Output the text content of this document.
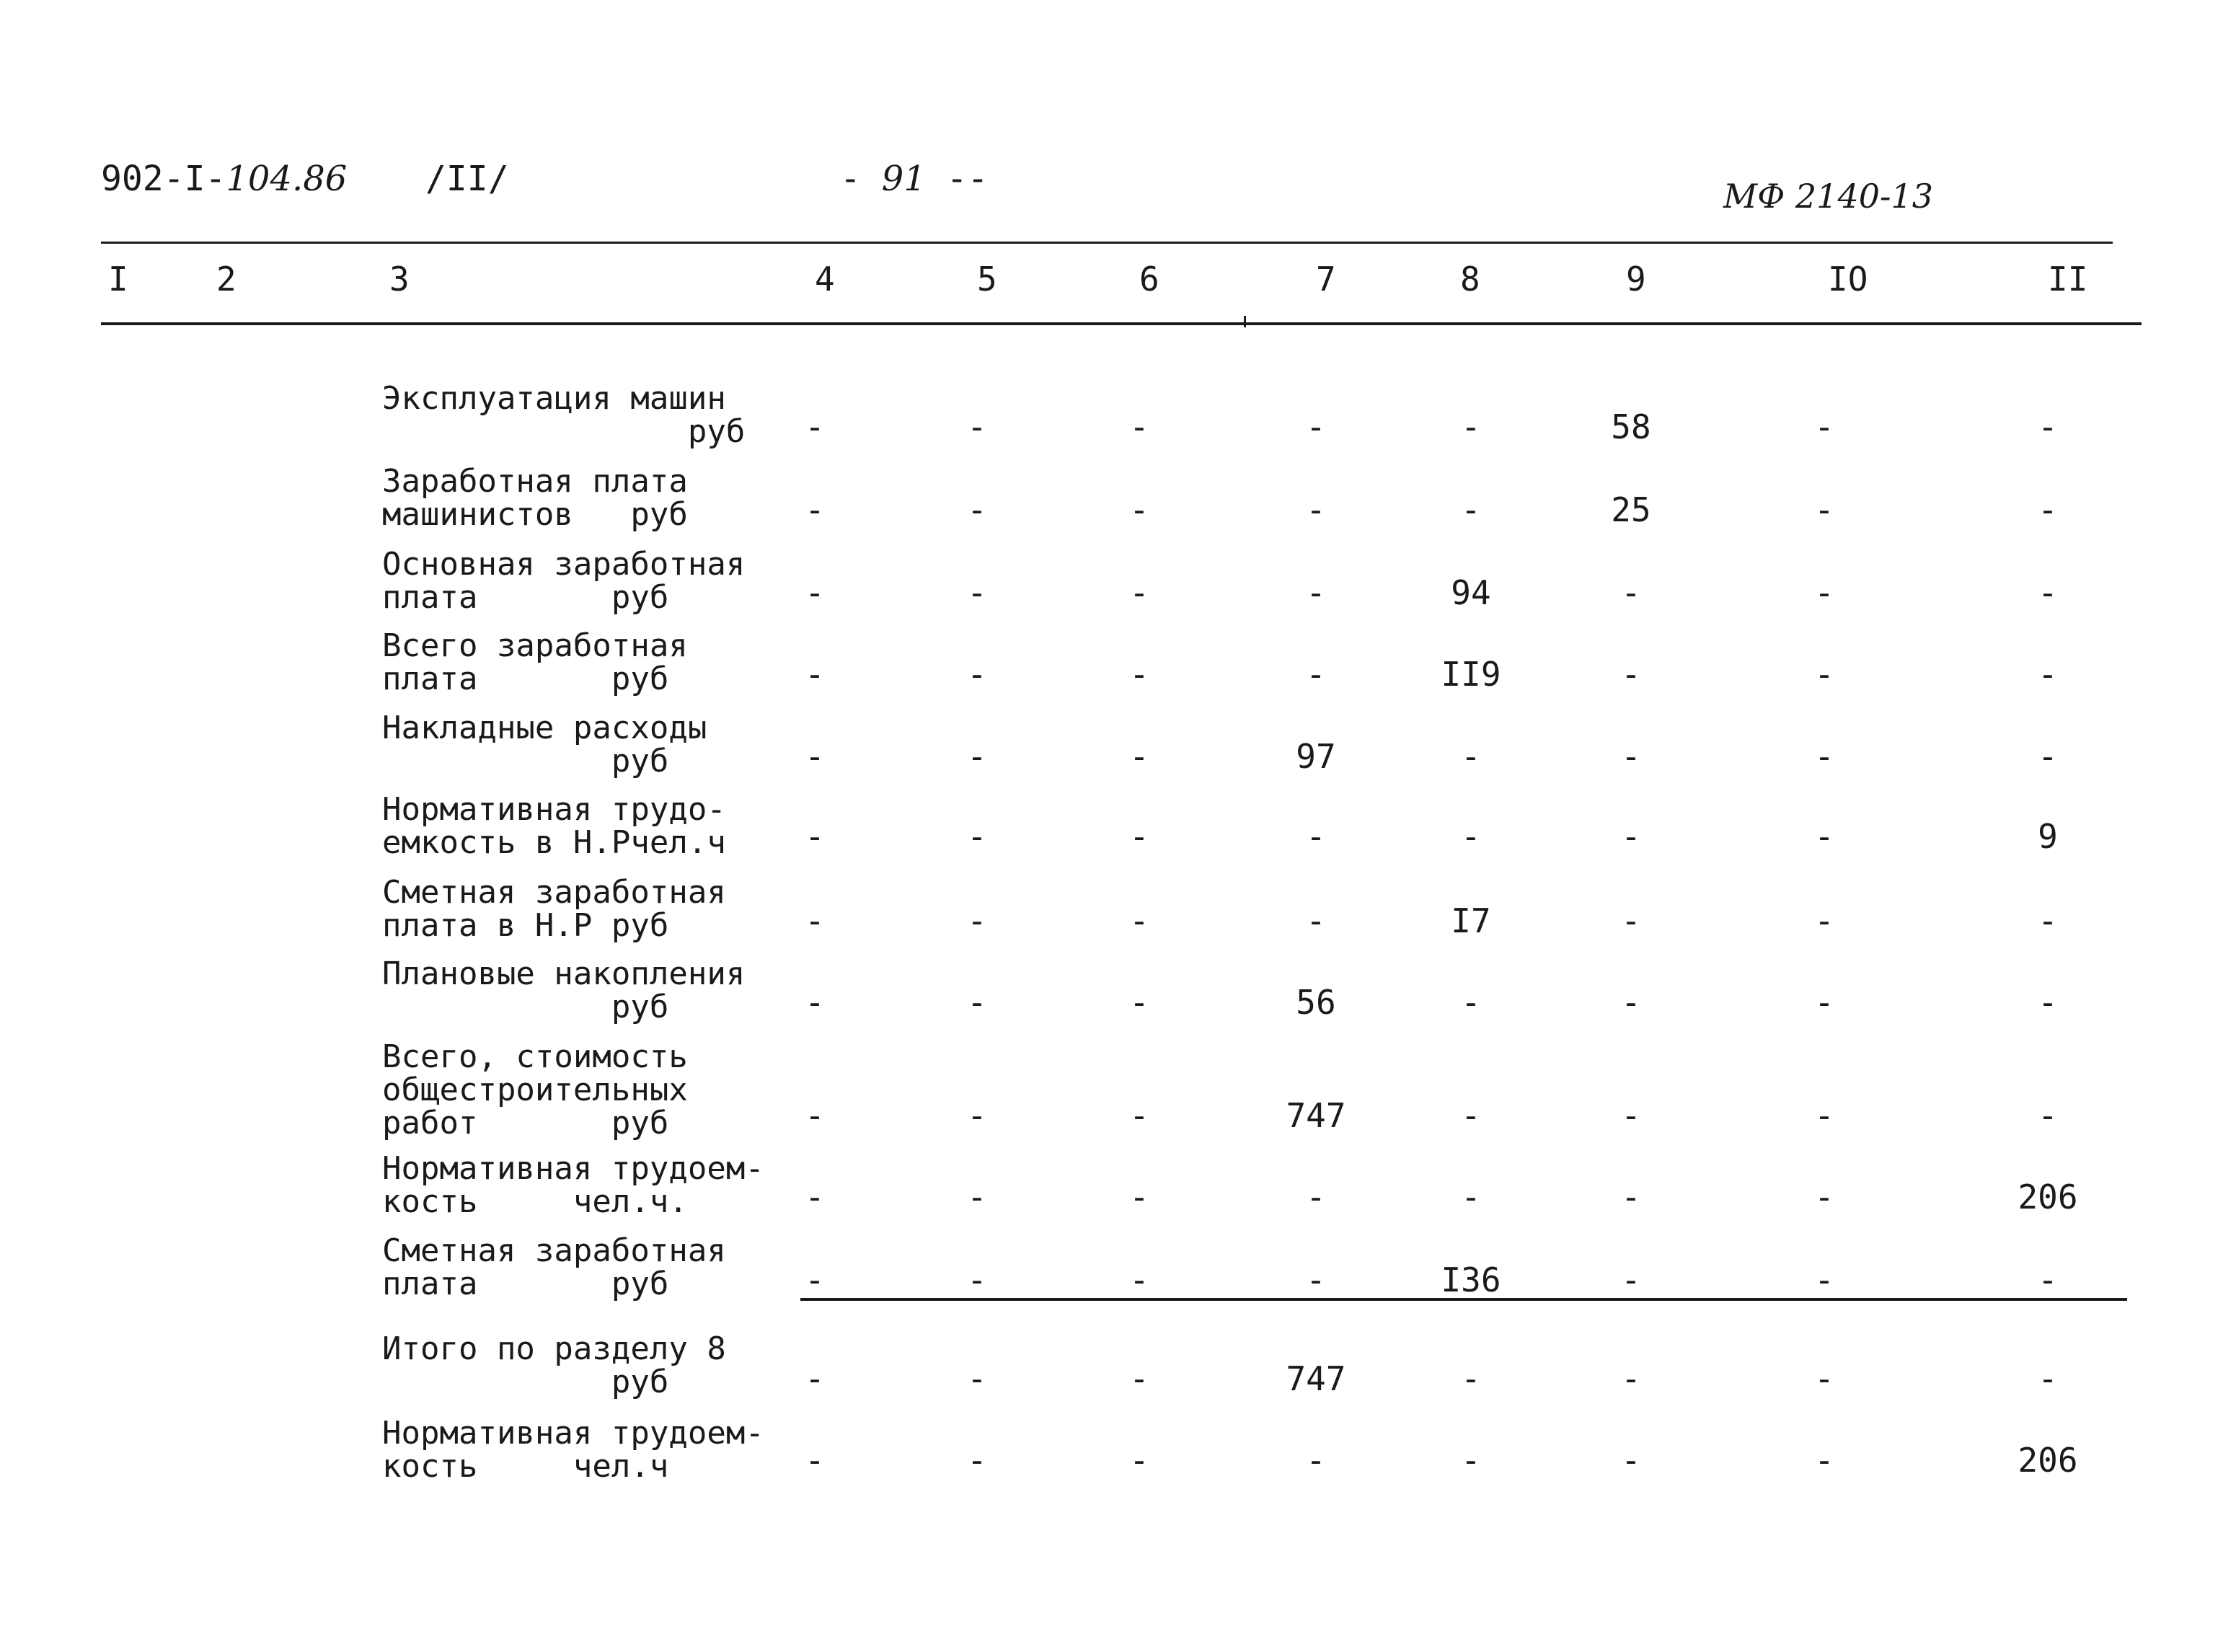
902-I-104.86 /II/	- 91 --	МФ 2140-13
I	2	3	4	5	6	7	8	9	IO	II
Эксплуатация машин
руб	-	-	-	-	-	58	-	-
Заработная плата
машинистов   руб	-	-	-	-	-	25	-	-
Основная заработная
плата       руб	-	-	-	-	94	-	-	-
Всего заработная
плата       руб	-	-	-	-	II9	-	-	-
Накладные расходы
руб	-	-	-	97	-	-	-	-
Нормативная трудо-
емкость в Н.Рчел.ч	-	-	-	-	-	-	-	9
Сметная заработная
плата в Н.Р руб	-	-	-	-	I7	-	-	-
Плановые накопления
руб	-	-	-	56	-	-	-	-
Всего, стоимость
общестроительных
работ       руб	-	-	-	747	-	-	-	-
Нормативная трудоем-
кость     чел.ч.	-	-	-	-	-	-	-	206
Сметная заработная
плата       руб	-	-	-	-	I36	-	-	-
Итого по разделу 8
руб	-	-	-	747	-	-	-	-
Нормативная трудоем-
кость     чел.ч	-	-	-	-	-	-	-	206
